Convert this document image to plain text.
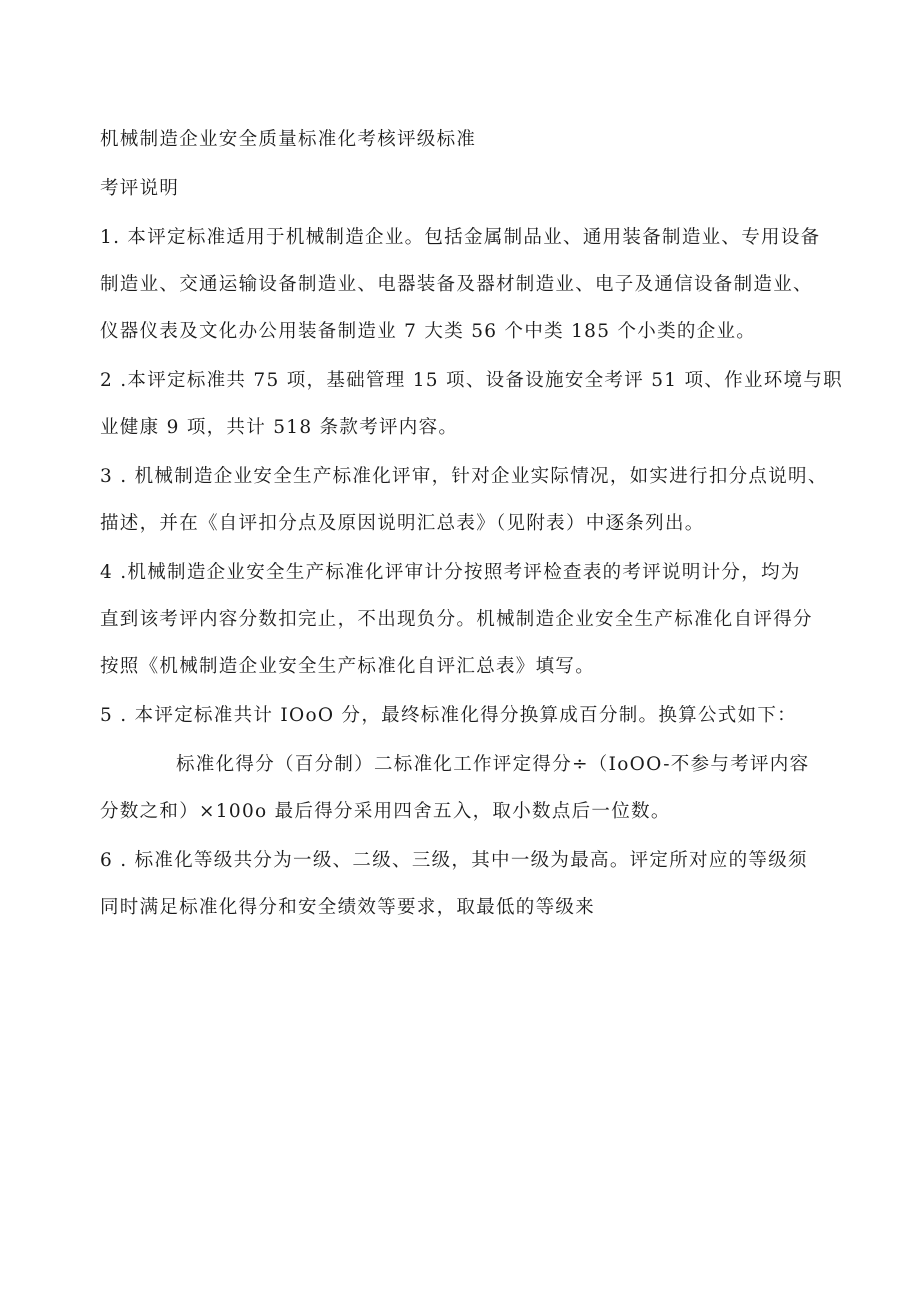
机械制造企业安全质量标准化考核评级标准
考评说明
1. 本评定标准适用于机械制造企业。包括金属制品业、通用装备制造业、专用设备
制造业、交通运输设备制造业、电器装备及器材制造业、电子及通信设备制造业、
仪器仪表及文化办公用装备制造业 7 大类 56 个中类 185 个小类的企业。
2 .本评定标准共 75 项，基础管理 15 项、设备设施安全考评 51 项、作业环境与职
业健康 9 项，共计 518 条款考评内容。
3 . 机械制造企业安全生产标准化评审，针对企业实际情况，如实进行扣分点说明、
描述，并在《自评扣分点及原因说明汇总表》（见附表）中逐条列出。
4 .机械制造企业安全生产标准化评审计分按照考评检查表的考评说明计分，均为
直到该考评内容分数扣完止，不出现负分。机械制造企业安全生产标准化自评得分
按照《机械制造企业安全生产标准化自评汇总表》填写。
5 . 本评定标准共计 IOoO 分，最终标准化得分换算成百分制。换算公式如下：
标准化得分（百分制）二标准化工作评定得分÷（IoOO-不参与考评内容
分数之和）×100o 最后得分采用四舍五入，取小数点后一位数。
6 . 标准化等级共分为一级、二级、三级，其中一级为最高。评定所对应的等级须
同时满足标准化得分和安全绩效等要求，取最低的等级来
